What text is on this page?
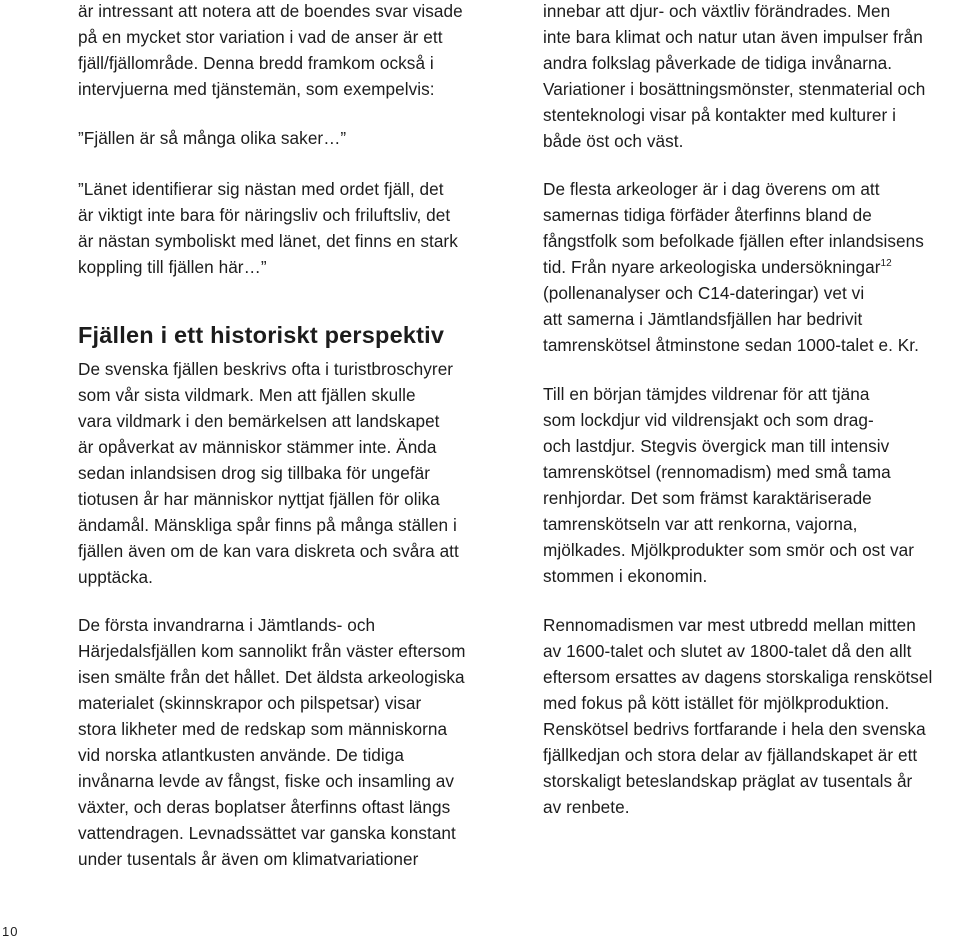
är intressant att notera att de boendes svar visade
på en mycket stor variation i vad de anser är ett
fjäll/fjällområde. Denna bredd framkom också i
intervjuerna med tjänstemän, som exempelvis:
”Fjällen är så många olika saker…”
”Länet identifierar sig nästan med ordet fjäll, det
är viktigt inte bara för näringsliv och friluftsliv, det
är nästan symboliskt med länet, det finns en stark
koppling till fjällen här…”
Fjällen i ett historiskt perspektiv
De svenska fjällen beskrivs ofta i turistbroschyrer
som vår sista vildmark. Men att fjällen skulle
vara vildmark i den bemärkelsen att landskapet
är opåverkat av människor stämmer inte. Ända
sedan inlandsisen drog sig tillbaka för ungefär
tiotusen år har människor nyttjat fjällen för olika
ändamål. Mänskliga spår finns på många ställen i
fjällen även om de kan vara diskreta och svåra att
upptäcka.
De första invandrarna i Jämtlands- och
Härjedalsfjällen kom sannolikt från väster eftersom
isen smälte från det hållet. Det äldsta arkeologiska
materialet (skinnskrapor och pilspetsar) visar
stora likheter med de redskap som människorna
vid norska atlantkusten använde. De tidiga
invånarna levde av fångst, fiske och insamling av
växter, och deras boplatser återfinns oftast längs
vattendragen. Levnadssättet var ganska konstant
under tusentals år även om klimatvariationer
innebar att djur- och växtliv förändrades. Men
inte bara klimat och natur utan även impulser från
andra folkslag påverkade de tidiga invånarna.
Variationer i bosättningsmönster, stenmaterial och
stenteknologi visar på kontakter med kulturer i
både öst och väst.
De flesta arkeologer är i dag överens om att
samernas tidiga förfäder återfinns bland de
fångstfolk som befolkade fjällen efter inlandsisens
tid. Från nyare arkeologiska undersökningar$^{12}$
(pollenanalyser och C14-dateringar) vet vi
att samerna i Jämtlandsfjällen har bedrivit
tamrenskötsel åtminstone sedan 1000-talet e. Kr.
Till en början tämjdes vildrenar för att tjäna
som lockdjur vid vildrensjakt och som drag-
och lastdjur. Stegvis övergick man till intensiv
tamrenskötsel (rennomadism) med små tama
renhjordar. Det som främst karaktäriserade
tamrenskötseln var att renkorna, vajorna,
mjölkades. Mjölkprodukter som smör och ost var
stommen i ekonomin.
Rennomadismen var mest utbredd mellan mitten
av 1600-talet och slutet av 1800-talet då den allt
eftersom ersattes av dagens storskaliga renskötsel
med fokus på kött istället för mjölkproduktion.
Renskötsel bedrivs fortfarande i hela den svenska
fjällkedjan och stora delar av fjällandskapet är ett
storskaligt beteslandskap präglat av tusentals år
av renbete.
10
